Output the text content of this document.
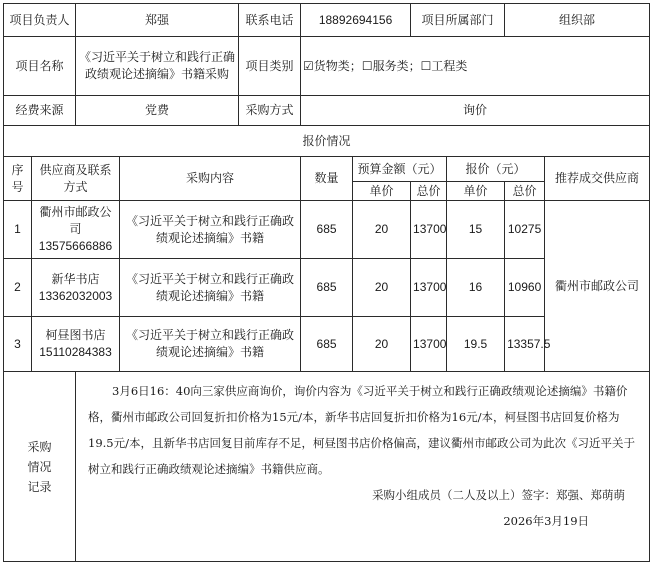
项目负责人		郑强		联系电话	18892694156		项目所属部门		组织部	
项目名称		《习近平关于树立和践行正确政绩观论述摘编》书籍采购		项目类别	☑货物类；☐服务类；☐工程类					
经费来源		党费		采购方式	询价					
报价情况										
序号	供应商及联系方式		采购内容		数量	预算金额（元）		报价（元）		推荐成交供应商
						单价	总价	单价	总价	
1	衢州市邮政公司
13575666886		《习近平关于树立和践行正确政绩观论述摘编》书籍		685	20	13700	15	10275	衢州市邮政公司
2	新华书店
13362032003		《习近平关于树立和践行正确政绩观论述摘编》书籍		685	20	13700	16	10960	
3	柯昼图书店
15110284383		《习近平关于树立和践行正确政绩观论述摘编》书籍		685	20	13700	19.5	13357.5	

采购情况记录		3月6日16：40向三家供应商询价，询价内容为《习近平关于树立和践行正确政绩观论述摘编》书籍价格，衢州市邮政公司回复折扣价格为15元/本，新华书店回复折扣价格为16元/本，柯昼图书店回复价格为19.5元/本，且新华书店回复目前库存不足，柯昼图书店价格偏高，建议衢州市邮政公司为此次《习近平关于树立和践行正确政绩观论述摘编》书籍供应商。

采购小组成员（二人及以上）签字：郑强、郑萌萌

2026年3月19日								
